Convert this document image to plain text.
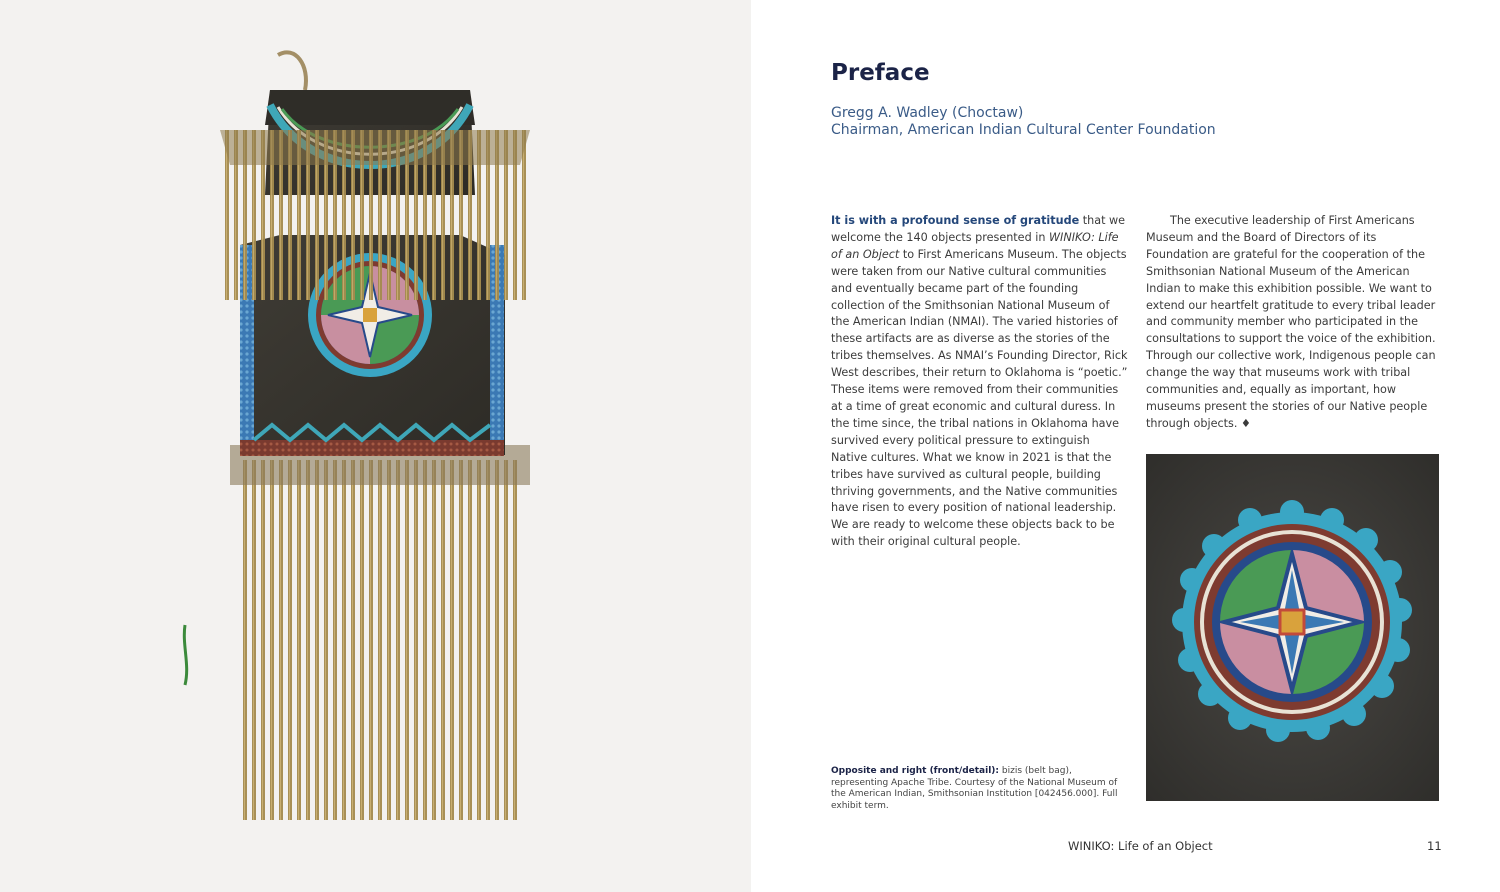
Preface
Gregg A. Wadley (Choctaw)
Chairman, American Indian Cultural Center Foundation

It is with a profound sense of gratitude that we welcome the 140 objects presented in WINIKO: Life of an Object to First Americans Museum. The objects were taken from our Native cultural communities and eventually became part of the founding collection of the Smithsonian National Museum of the American Indian (NMAI). The varied histories of these artifacts are as diverse as the stories of the tribes themselves. As NMAI’s Founding Director, Rick West describes, their return to Oklahoma is “poetic.” These items were removed from their communities at a time of great economic and cultural duress. In the time since, the tribal nations in Oklahoma have survived every political pressure to extinguish Native cultures. What we know in 2021 is that the tribes have survived as cultural people, building thriving governments, and the Native communities have risen to every position of national leadership. We are ready to welcome these objects back to be with their original cultural people.

The executive leadership of First Americans Museum and the Board of Directors of its Foundation are grateful for the cooperation of the Smithsonian National Museum of the American Indian to make this exhibition possible. We want to extend our heartfelt gratitude to every tribal leader and community member who participated in the consultations to support the voice of the exhibition. Through our collective work, Indigenous people can change the way that museums work with tribal communities and, equally as important, how museums present the stories of our Native people through objects. ♦

Opposite and right (front/detail): bizis (belt bag), representing Apache Tribe. Courtesy of the National Museum of the American Indian, Smithsonian Institution [042456.000]. Full exhibit term.
WINIKO: Life of an Object	11
